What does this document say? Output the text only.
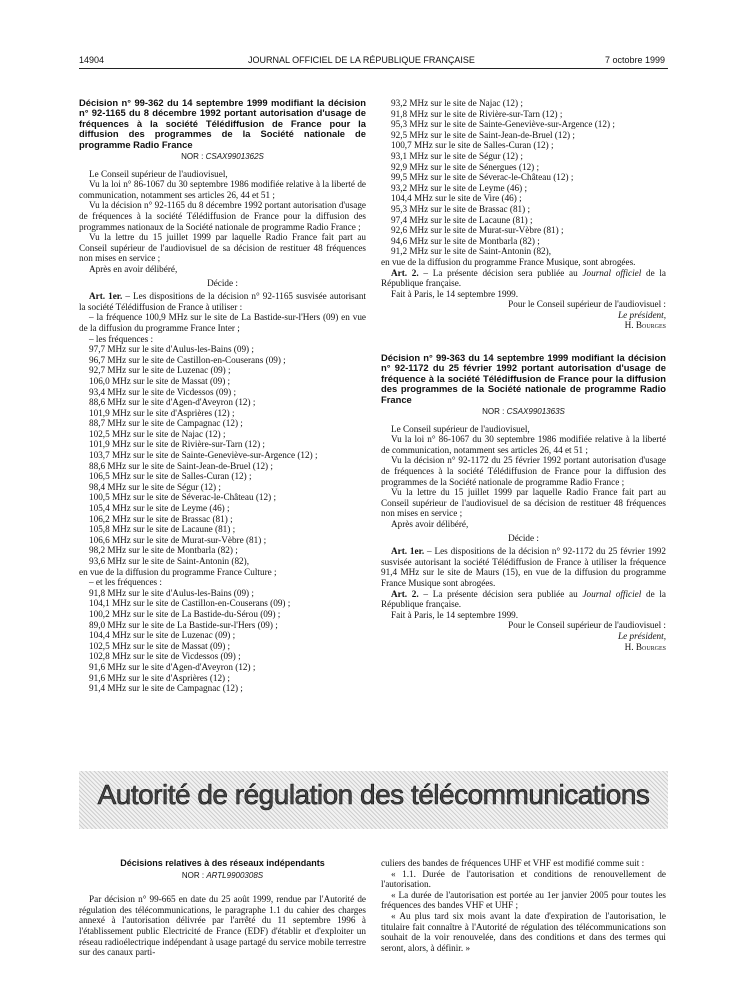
14904	JOURNAL OFFICIEL DE LA RÉPUBLIQUE FRANÇAISE	7 octobre 1999

Décision n° 99-362 du 14 septembre 1999 modifiant la décision n° 92-1165 du 8 décembre 1992 portant autorisation d'usage de fréquences à la société Télédiffusion de France pour la diffusion des programmes de la Société nationale de programme Radio France

NOR : CSAX9901362S

Le Conseil supérieur de l'audiovisuel,

Vu la loi n° 86-1067 du 30 septembre 1986 modifiée relative à la liberté de communication, notamment ses articles 26, 44 et 51 ;

Vu la décision n° 92-1165 du 8 décembre 1992 portant autorisation d'usage de fréquences à la société Télédiffusion de France pour la diffusion des programmes nationaux de la Société nationale de programme Radio France ;

Vu la lettre du 15 juillet 1999 par laquelle Radio France fait part au Conseil supérieur de l'audiovisuel de sa décision de restituer 48 fréquences non mises en service ;

Après en avoir délibéré,

Décide :

Art. 1er. – Les dispositions de la décision n° 92-1165 susvisée autorisant la société Télédiffusion de France à utiliser :

– la fréquence 100,9 MHz sur le site de La Bastide-sur-l'Hers (09) en vue de la diffusion du programme France Inter ;

– les fréquences :

97,7 MHz sur le site d'Aulus-les-Bains (09) ;
96,7 MHz sur le site de Castillon-en-Couserans (09) ;
92,7 MHz sur le site de Luzenac (09) ;
106,0 MHz sur le site de Massat (09) ;
93,4 MHz sur le site de Vicdessos (09) ;
88,6 MHz sur le site d'Agen-d'Aveyron (12) ;
101,9 MHz sur le site d'Asprières (12) ;
88,7 MHz sur le site de Campagnac (12) ;
102,5 MHz sur le site de Najac (12) ;
101,9 MHz sur le site de Rivière-sur-Tarn (12) ;
103,7 MHz sur le site de Sainte-Geneviève-sur-Argence (12) ;
88,6 MHz sur le site de Saint-Jean-de-Bruel (12) ;
106,5 MHz sur le site de Salles-Curan (12) ;
98,4 MHz sur le site de Ségur (12) ;
100,5 MHz sur le site de Séverac-le-Château (12) ;
105,4 MHz sur le site de Leyme (46) ;
106,2 MHz sur le site de Brassac (81) ;
105,8 MHz sur le site de Lacaune (81) ;
106,6 MHz sur le site de Murat-sur-Vèbre (81) ;
98,2 MHz sur le site de Montbarla (82) ;
93,6 MHz sur le site de Saint-Antonin (82),

en vue de la diffusion du programme France Culture ;

– et les fréquences :

91,8 MHz sur le site d'Aulus-les-Bains (09) ;
104,1 MHz sur le site de Castillon-en-Couserans (09) ;
100,2 MHz sur le site de La Bastide-du-Sérou (09) ;
89,0 MHz sur le site de La Bastide-sur-l'Hers (09) ;
104,4 MHz sur le site de Luzenac (09) ;
102,5 MHz sur le site de Massat (09) ;
102,8 MHz sur le site de Vicdessos (09) ;
91,6 MHz sur le site d'Agen-d'Aveyron (12) ;
91,6 MHz sur le site d'Asprières (12) ;
91,4 MHz sur le site de Campagnac (12) ;
93,2 MHz sur le site de Najac (12) ;
91,8 MHz sur le site de Rivière-sur-Tarn (12) ;
95,3 MHz sur le site de Sainte-Geneviève-sur-Argence (12) ;
92,5 MHz sur le site de Saint-Jean-de-Bruel (12) ;
100,7 MHz sur le site de Salles-Curan (12) ;
93,1 MHz sur le site de Ségur (12) ;
92,9 MHz sur le site de Sénergues (12) ;
99,5 MHz sur le site de Séverac-le-Château (12) ;
93,2 MHz sur le site de Leyme (46) ;
104,4 MHz sur le site de Vire (46) ;
95,3 MHz sur le site de Brassac (81) ;
97,4 MHz sur le site de Lacaune (81) ;
92,6 MHz sur le site de Murat-sur-Vèbre (81) ;
94,6 MHz sur le site de Montbarla (82) ;
91,2 MHz sur le site de Saint-Antonin (82),

en vue de la diffusion du programme France Musique, sont abrogées.

Art. 2. – La présente décision sera publiée au Journal officiel de la République française.

Fait à Paris, le 14 septembre 1999.

Pour le Conseil supérieur de l'audiovisuel :
Le président,
H. Bourges

Décision n° 99-363 du 14 septembre 1999 modifiant la décision n° 92-1172 du 25 février 1992 portant autorisation d'usage de fréquence à la société Télédiffusion de France pour la diffusion des programmes de la Société nationale de programme Radio France

NOR : CSAX9901363S

Le Conseil supérieur de l'audiovisuel,

Vu la loi n° 86-1067 du 30 septembre 1986 modifiée relative à la liberté de communication, notamment ses articles 26, 44 et 51 ;

Vu la décision n° 92-1172 du 25 février 1992 portant autorisation d'usage de fréquences à la société Télédiffusion de France pour la diffusion des programmes de la Société nationale de programme Radio France ;

Vu la lettre du 15 juillet 1999 par laquelle Radio France fait part au Conseil supérieur de l'audiovisuel de sa décision de restituer 48 fréquences non mises en service ;

Après avoir délibéré,

Décide :

Art. 1er. – Les dispositions de la décision n° 92-1172 du 25 février 1992 susvisée autorisant la société Télédiffusion de France à utiliser la fréquence 91,4 MHz sur le site de Maurs (15), en vue de la diffusion du programme France Musique sont abrogées.

Art. 2. – La présente décision sera publiée au Journal officiel de la République française.

Fait à Paris, le 14 septembre 1999.

Pour le Conseil supérieur de l'audiovisuel :
Le président,
H. Bourges
Autorité de régulation des télécommunications

Décisions relatives à des réseaux indépendants

NOR : ARTL9900308S

Par décision n° 99-665 en date du 25 août 1999, rendue par l'Autorité de régulation des télécommunications, le paragraphe 1.1 du cahier des charges annexé à l'autorisation délivrée par l'arrêté du 11 septembre 1996 à l'établissement public Electricité de France (EDF) d'établir et d'exploiter un réseau radioélectrique indépendant à usage partagé du service mobile terrestre sur des canaux parti-

culiers des bandes de fréquences UHF et VHF est modifié comme suit :

« 1.1. Durée de l'autorisation et conditions de renouvellement de l'autorisation.

« La durée de l'autorisation est portée au 1er janvier 2005 pour toutes les fréquences des bandes VHF et UHF ;

« Au plus tard six mois avant la date d'expiration de l'autorisation, le titulaire fait connaître à l'Autorité de régulation des télécommunications son souhait de la voir renouvelée, dans des conditions et dans des termes qui seront, alors, à définir. »
